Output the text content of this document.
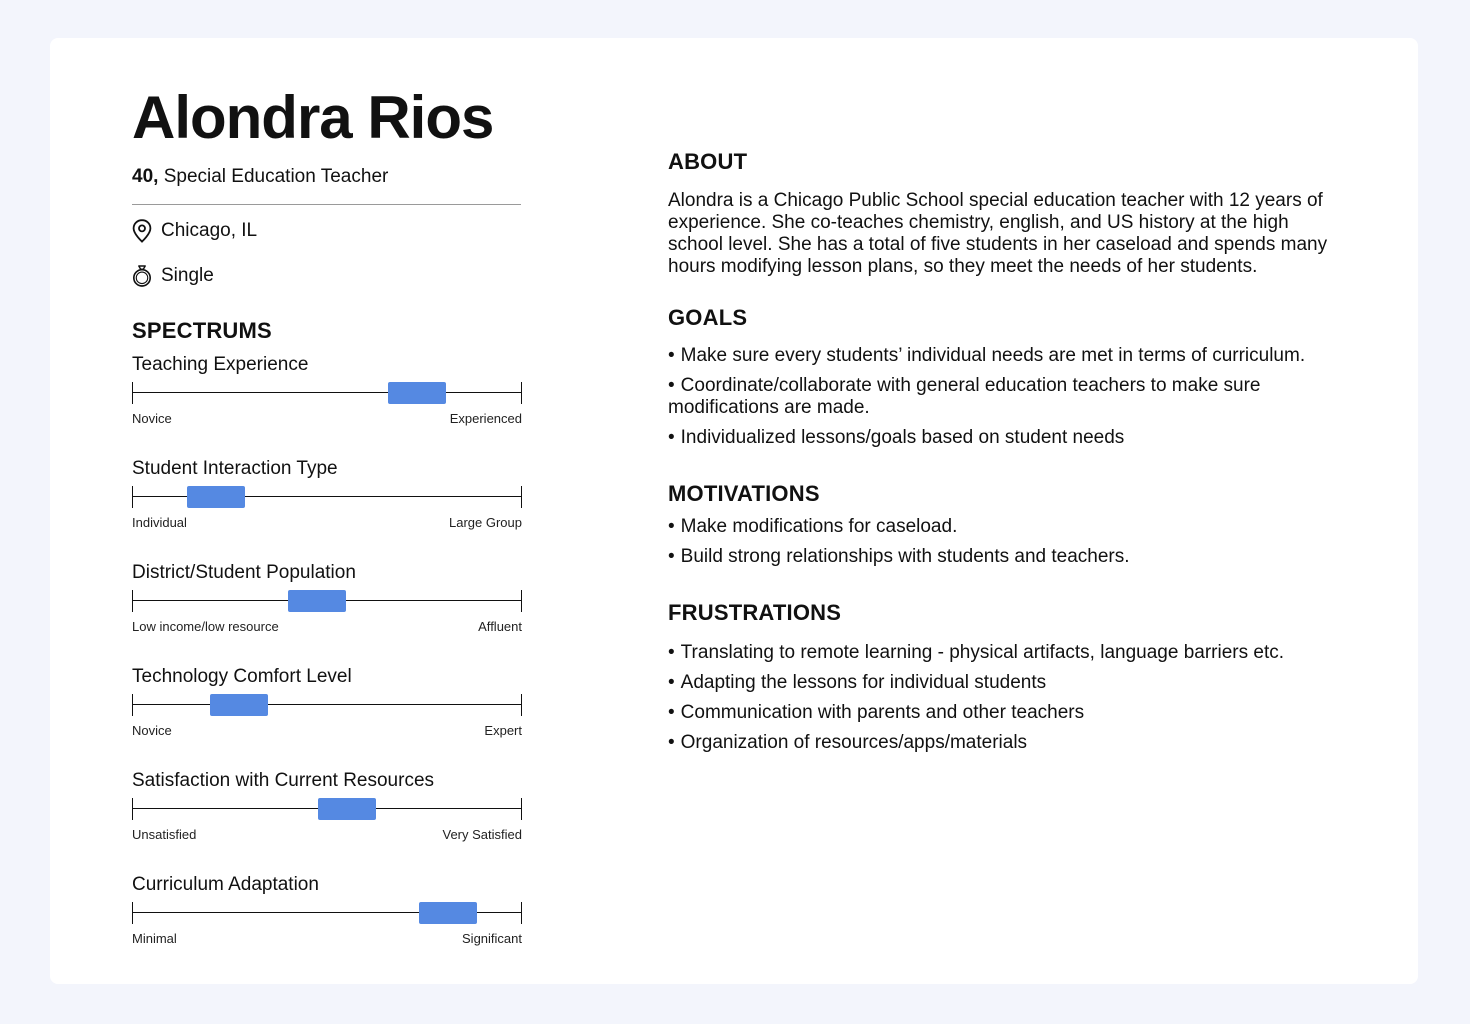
Alondra Rios
40, Special Education Teacher
Chicago, IL
Single
SPECTRUMS
Teaching Experience
Novice	Experienced
Student Interaction Type
Individual	Large Group
District/Student Population
Low income/low resource	Affluent
Technology Comfort Level
Novice	Expert
Satisfaction with Current Resources
Unsatisfied	Very Satisfied
Curriculum Adaptation
Minimal	Significant
ABOUT

Alondra is a Chicago Public School special education teacher with 12 years of experience. She co-teaches chemistry, english, and US history at the high school level. She has a total of five students in her caseload and spends many hours modifying lesson plans, so they meet the needs of her students.

GOALS
• Make sure every students’ individual needs are met in terms of curriculum.
• Coordinate/collaborate with general education teachers to make sure modifications are made.
• Individualized lessons/goals based on student needs
MOTIVATIONS
• Make modifications for caseload.
• Build strong relationships with students and teachers.
FRUSTRATIONS
• Translating to remote learning - physical artifacts, language barriers etc.
• Adapting the lessons for individual students
• Communication with parents and other teachers
• Organization of resources/apps/materials
